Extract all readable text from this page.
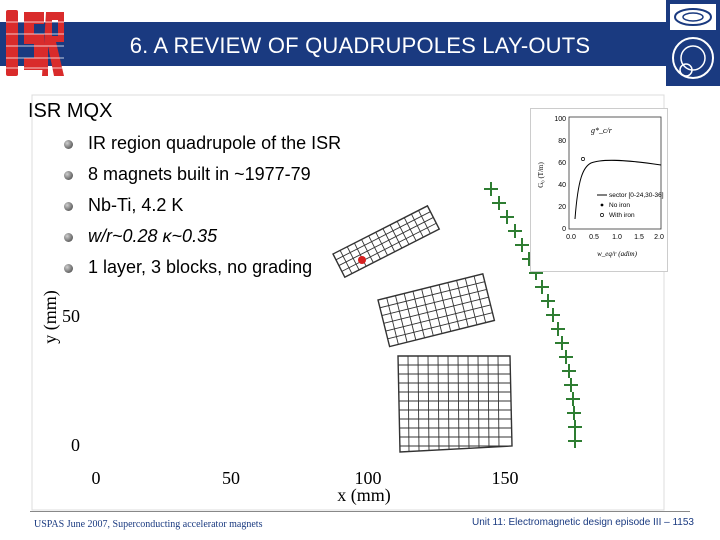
6. A REVIEW OF QUADRUPOLES LAY-OUTS
ISR MQX
IR region quadrupole of the ISR
8 magnets built in ~1977-79
Nb-Ti, 4.2 K
w/r~0.28 κ~0.35
1 layer, 3 blocks, no grading
0	50	100	150
x (mm)
0
50
y (mm)
g*_c/r
0
20
40
60
80
100
G₀ (T/m)
0.0 0.5 1.0 1.5 2.0
w_eq/r (adim)
sector [0-24,30-36]
No iron
With iron
USPAS June 2007, Superconducting accelerator magnets	Unit 11: Electromagnetic design episode III – 1153
